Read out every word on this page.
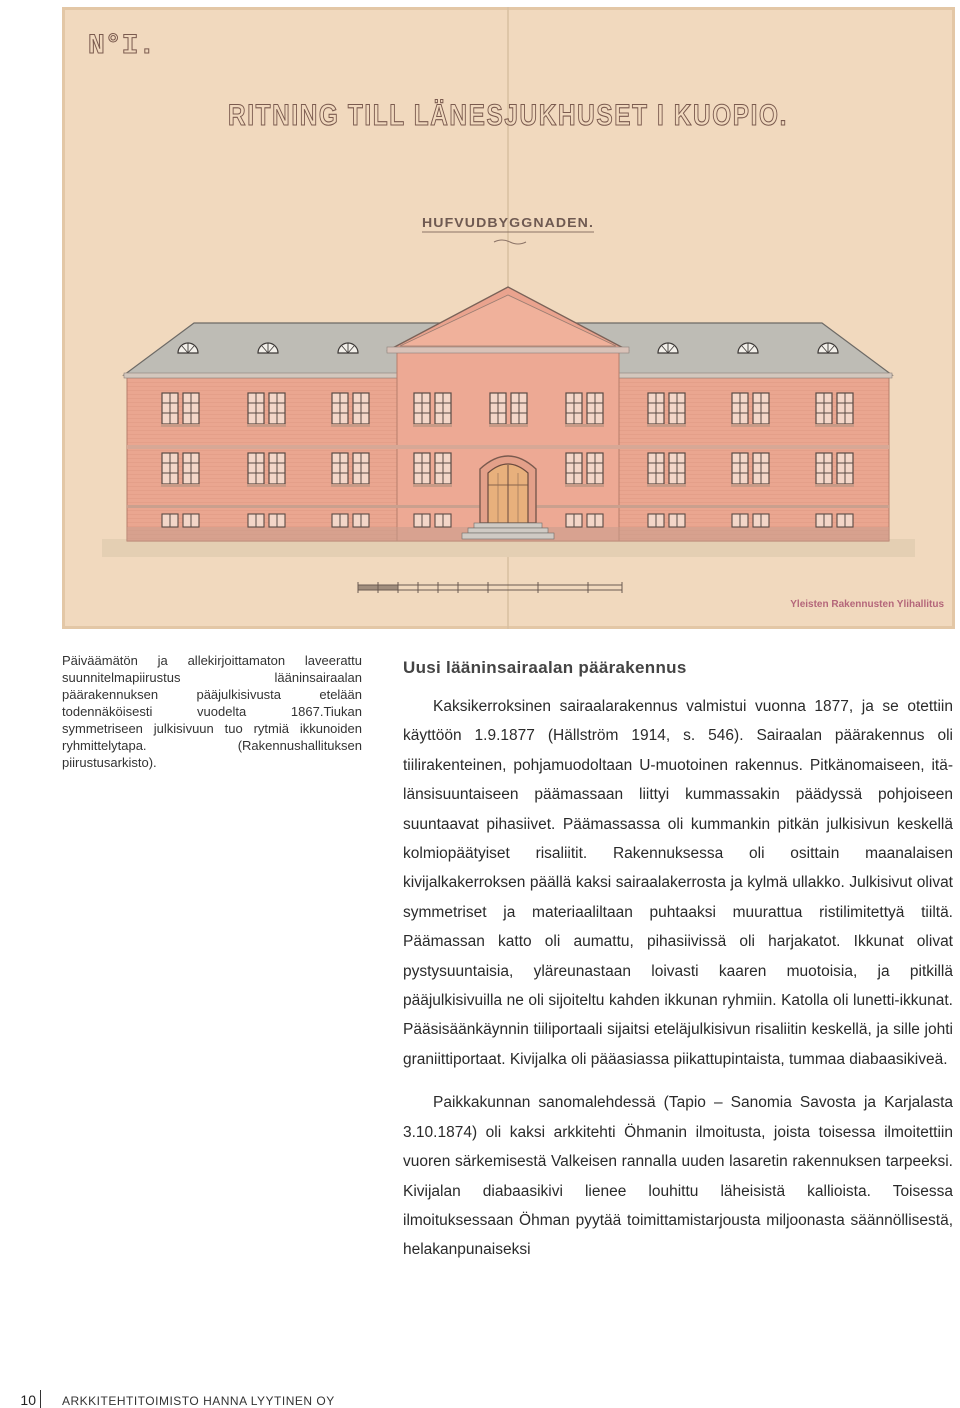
N°I.
RITNING TILL LÄNESJUKHUSET I KUOPIO.
HUFVUDBYGGNADEN.
Yleisten Rakennusten Ylihallitus

Päiväämätön ja allekirjoittamaton laveerattu suunnitelmapiirustus lääninsairaalan päärakennuksen pääjulkisivusta etelään todennäköisesti vuodelta 1867.Tiukan symmetriseen julkisivuun tuo rytmiä ikkunoiden ryhmittelytapa. (Rakennushallituksen piirustusarkisto).

Uusi lääninsairaalan päärakennus

Kaksikerroksinen sairaalarakennus valmistui vuonna 1877, ja se otettiin käyttöön 1.9.1877 (Hällström 1914, s. 546). Sairaalan päärakennus oli tiilirakenteinen, pohjamuodoltaan U-muotoinen rakennus. Pitkänomaiseen, itä-länsisuuntaiseen päämassaan liittyi kummassakin päädyssä pohjoiseen suuntaavat pihasiivet. Päämassassa oli kummankin pitkän julkisivun keskellä kolmiopäätyiset risaliitit. Rakennuksessa oli osittain maanalaisen kivijalkakerroksen päällä kaksi sairaalakerrosta ja kylmä ullakko. Julkisivut olivat symmetriset ja materiaaliltaan puhtaaksi muurattua ristilimitettyä tiiltä. Päämassan katto oli aumattu, pihasiivissä oli harjakatot. Ikkunat olivat pystysuuntaisia, yläreunastaan loivasti kaaren muotoisia, ja pitkillä pääjulkisivuilla ne oli sijoiteltu kahden ikkunan ryhmiin. Katolla oli lunetti-ikkunat. Pääsisäänkäynnin tiiliportaali sijaitsi eteläjulkisivun risaliitin keskellä, ja sille johti graniittiportaat. Kivijalka oli pääasiassa piikattupintaista, tummaa diabaasikiveä.

Paikkakunnan sanomalehdessä (Tapio – Sanomia Savosta ja Karjalasta 3.10.1874) oli kaksi arkkitehti Öhmanin ilmoitusta, joista toisessa ilmoitettiin vuoren särkemisestä Valkeisen rannalla uuden lasaretin rakennuksen tarpeeksi. Kivijalan diabaasikivi lienee louhittu läheisistä kallioista. Toisessa ilmoituksessaan Öhman pyytää toimittamistarjousta miljoonasta säännöllisestä, helakanpunaiseksi

10 ARKKITEHTITOIMISTO HANNA LYYTINEN OY
